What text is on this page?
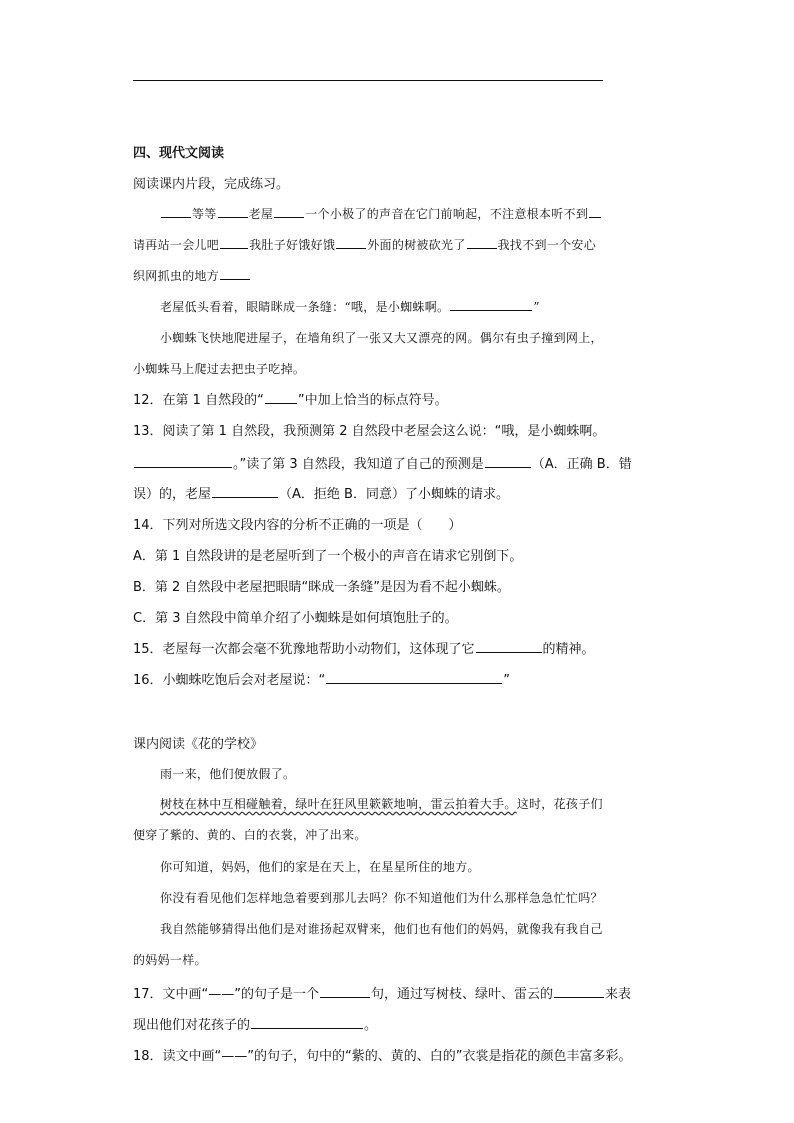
四、现代文阅读
阅读课内片段，完成练习。
等等	老屋	一个小极了的声音在它门前响起，不注意根本听不到
请再站一会儿吧	我肚子好饿好饿	外面的树被砍光了	我找不到一个安心
织网抓虫的地方
老屋低头看着，眼睛眯成一条缝：“哦，是小蜘蛛啊。	”
小蜘蛛飞快地爬进屋子，在墙角织了一张又大又漂亮的网。偶尔有虫子撞到网上，
小蜘蛛马上爬过去把虫子吃掉。
12．在第 1 自然段的“	”中加上恰当的标点符号。
13．阅读了第 1 自然段，我预测第 2 自然段中老屋会这么说：“哦，是小蜘蛛啊。
。”读了第 3 自然段，我知道了自己的预测是	（A．正确 B．错
误）的，老屋	（A．拒绝 B．同意）了小蜘蛛的请求。
14．下列对所选文段内容的分析不正确的一项是（　　）
A．第 1 自然段讲的是老屋听到了一个极小的声音在请求它别倒下。
B．第 2 自然段中老屋把眼睛“眯成一条缝”是因为看不起小蜘蛛。
C．第 3 自然段中简单介绍了小蜘蛛是如何填饱肚子的。
15．老屋每一次都会毫不犹豫地帮助小动物们，这体现了它	的精神。
16．小蜘蛛吃饱后会对老屋说：“	”
课内阅读《花的学校》
雨一来，他们便放假了。
树枝在林中互相碰触着，绿叶在狂风里簌簌地响，雷云拍着大手。这时，花孩子们
便穿了紫的、黄的、白的衣裳，冲了出来。
你可知道，妈妈，他们的家是在天上，在星星所住的地方。
你没有看见他们怎样地急着要到那儿去吗？你不知道他们为什么那样急急忙忙吗？
我自然能够猜得出他们是对谁扬起双臂来，他们也有他们的妈妈，就像我有我自己
的妈妈一样。
17．文中画“——”的句子是一个	句，通过写树枝、绿叶、雷云的	来表
现出他们对花孩子的	。
18．读文中画“——”的句子，句中的“紫的、黄的、白的”衣裳是指花的颜色丰富多彩。
